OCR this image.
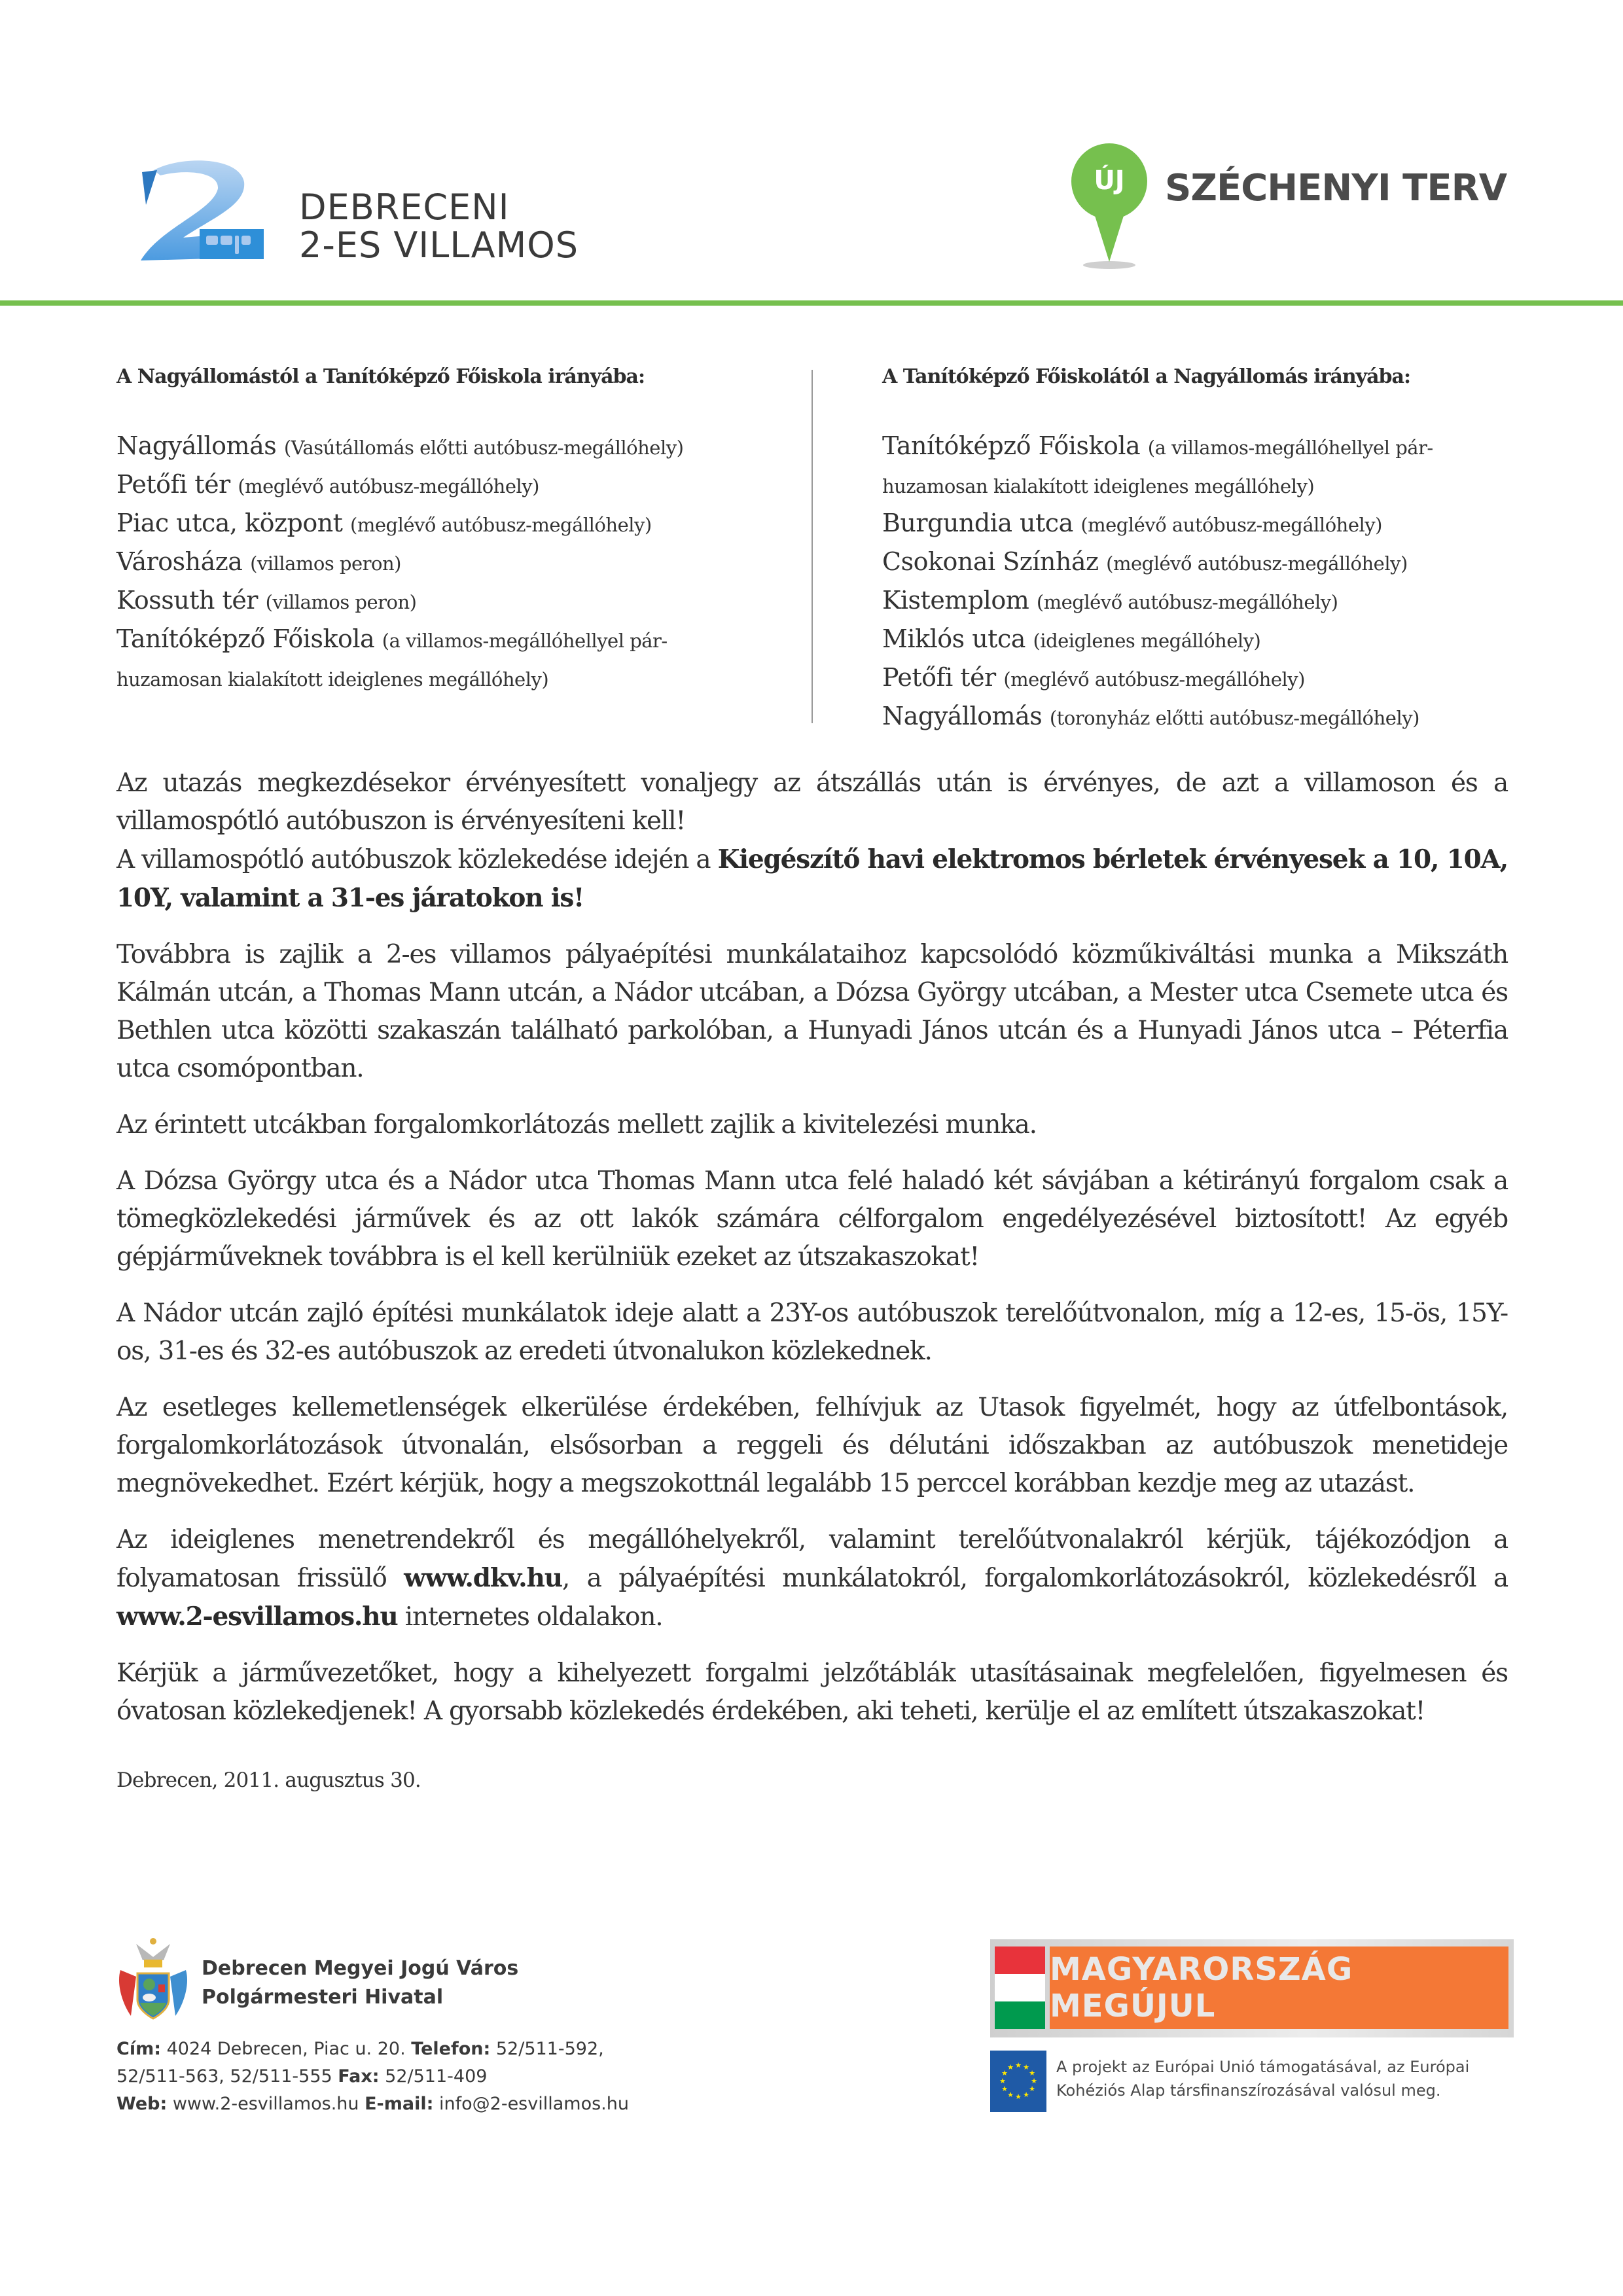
DEBRECENI
2-ES VILLAMOS
ÚJ	SZÉCHENYI TERV
A Nagyállomástól a Tanítóképző Főiskola irányába:
Nagyállomás (Vasútállomás előtti autóbusz-megállóhely)
Petőfi tér (meglévő autóbusz-megállóhely)
Piac utca, központ (meglévő autóbusz-megállóhely)
Városháza (villamos peron)
Kossuth tér (villamos peron)
Tanítóképző Főiskola (a villamos-megállóhellyel pár-huzamosan kialakított ideiglenes megállóhely)
A Tanítóképző Főiskolától a Nagyállomás irányába:
Tanítóképző Főiskola (a villamos-megállóhellyel pár-huzamosan kialakított ideiglenes megállóhely)
Burgundia utca (meglévő autóbusz-megállóhely)
Csokonai Színház (meglévő autóbusz-megállóhely)
Kistemplom (meglévő autóbusz-megállóhely)
Miklós utca (ideiglenes megállóhely)
Petőfi tér (meglévő autóbusz-megállóhely)
Nagyállomás (toronyház előtti autóbusz-megállóhely)

Az utazás megkezdésekor érvényesített vonaljegy az átszállás után is érvényes, de azt a villamoson és a villamospótló autóbuszon is érvényesíteni kell!
A villamospótló autóbuszok közlekedése idején a Kiegészítő havi elektromos bérletek érvényesek a 10, 10A, 10Y, valamint a 31-es járatokon is!

Továbbra is zajlik a 2-es villamos pályaépítési munkálataihoz kapcsolódó közműkiváltási munka a Mikszáth Kálmán utcán, a Thomas Mann utcán, a Nádor utcában, a Dózsa György utcában, a Mester utca Csemete utca és Bethlen utca közötti szakaszán található parkolóban, a Hunyadi János utcán és a Hunyadi János utca – Péterfia utca csomópontban.

Az érintett utcákban forgalomkorlátozás mellett zajlik a kivitelezési munka.

A Dózsa György utca és a Nádor utca Thomas Mann utca felé haladó két sávjában a kétirányú forgalom csak a tömegközlekedési járművek és az ott lakók számára célforgalom engedélyezésével biztosított! Az egyéb gépjárműveknek továbbra is el kell kerülniük ezeket az útszakaszokat!

A Nádor utcán zajló építési munkálatok ideje alatt a 23Y-os autóbuszok terelőútvonalon, míg a 12-es, 15-ös, 15Y-os, 31-es és 32-es autóbuszok az eredeti útvonalukon közlekednek.

Az esetleges kellemetlenségek elkerülése érdekében, felhívjuk az Utasok figyelmét, hogy az útfelbontások, forgalomkorlátozások útvonalán, elsősorban a reggeli és délutáni időszakban az autóbuszok menetideje megnövekedhet. Ezért kérjük, hogy a megszokottnál legalább 15 perccel korábban kezdje meg az utazást.

Az ideiglenes menetrendekről és megállóhelyekről, valamint terelőútvonalakról kérjük, tájékozódjon a folyamatosan frissülő www.dkv.hu, a pályaépítési munkálatokról, forgalomkorlátozásokról, közlekedésről a www.2-esvillamos.hu internetes oldalakon.

Kérjük a járművezetőket, hogy a kihelyezett forgalmi jelzőtáblák utasításainak megfelelően, figyelmesen és óvatosan közlekedjenek! A gyorsabb közlekedés érdekében, aki teheti, kerülje el az említett útszakaszokat!

Debrecen, 2011. augusztus 30.
Debrecen Megyei Jogú Város
Polgármesteri Hivatal
Cím: 4024 Debrecen, Piac u. 20. Telefon: 52/511-592,
52/511-563, 52/511-555 Fax: 52/511-409
Web: www.2-esvillamos.hu E-mail: info@2-esvillamos.hu
MAGYARORSZÁG MEGÚJUL
★ ★
★
★
★
★
★
★
★
★
★
★	A projekt az Európai Unió támogatásával, az Európai
Kohéziós Alap társfinanszírozásával valósul meg.
